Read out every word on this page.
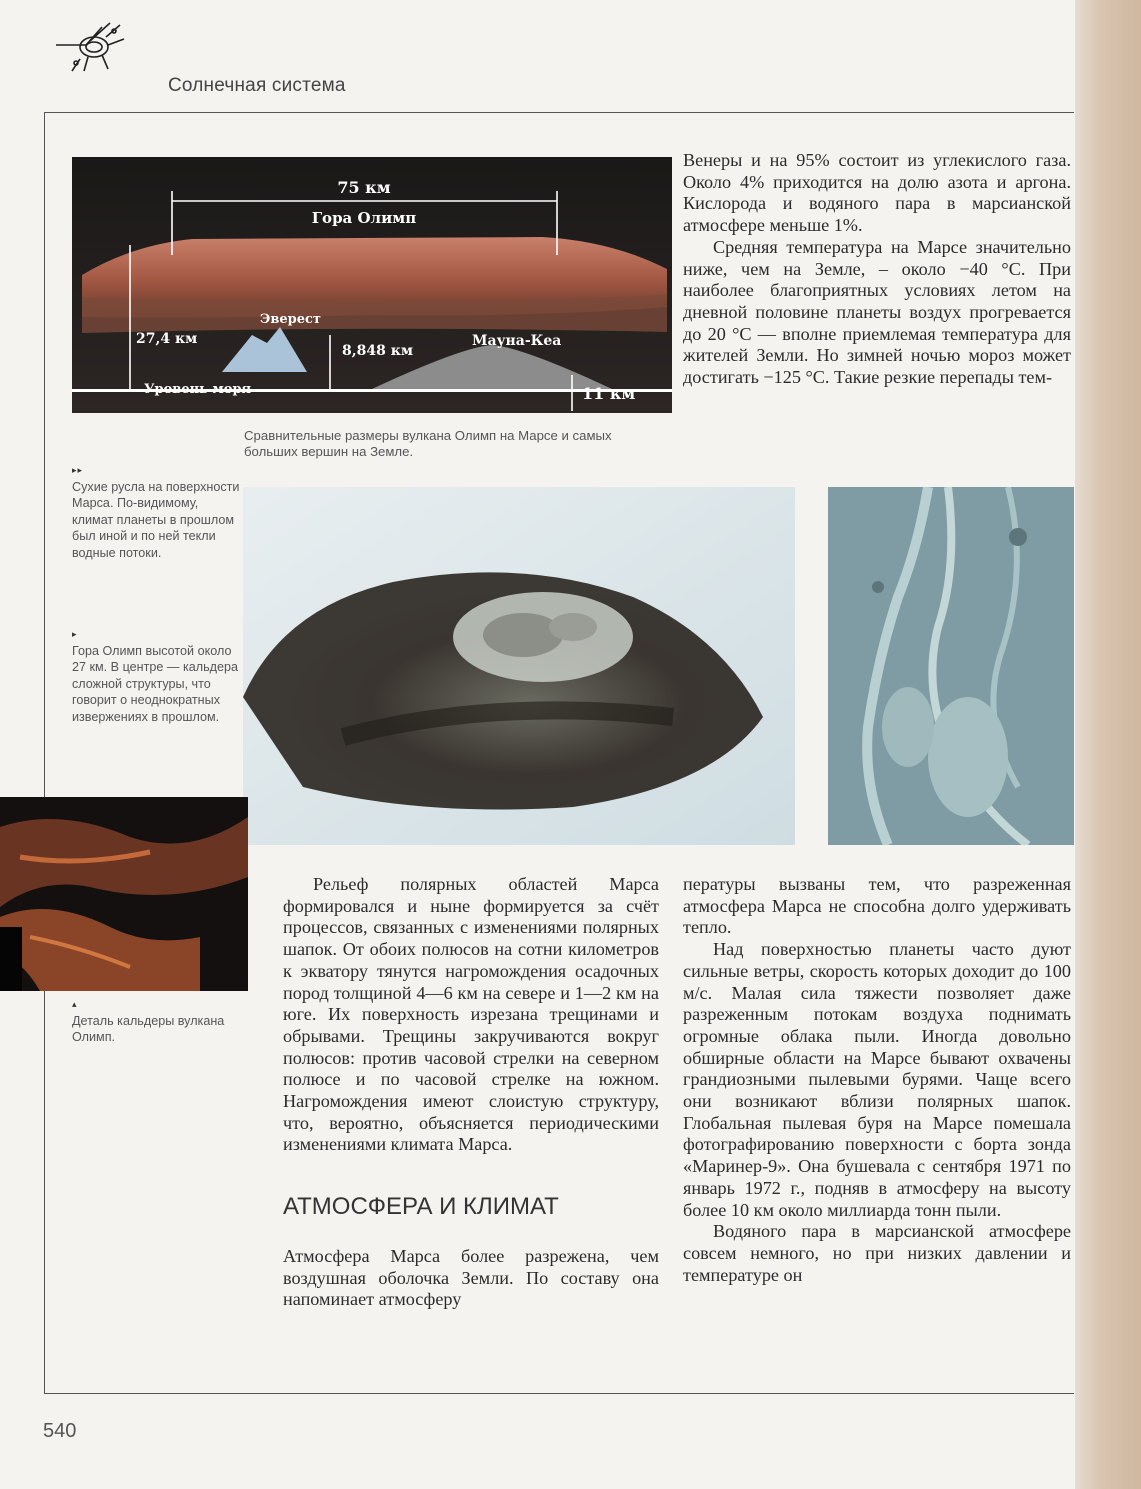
Солнечная система
75 км
Гора Олимп
27,4 км
Эверест
8,848 км
Мауна-Кеа
Уровень моря	11 км
Сравнительные размеры вулкана Олимп на Марсе и самых больших вершин на Земле.
▸▸
Сухие русла на поверхности Марса. По-видимому, климат планеты в прошлом был иной и по ней текли водные потоки.
▸
Гора Олимп высотой около 27 км. В центре — кальдера сложной структуры, что говорит о неоднократных извержениях в прошлом.
▴
Деталь кальдеры вулкана Олимп.

Венеры и на 95% состоит из углекислого газа. Около 4% приходится на долю азота и аргона. Кислорода и водяного пара в марсианской атмосфере меньше 1%.

Средняя температура на Марсе значительно ниже, чем на Земле, – около −40 °С. При наиболее благоприятных условиях летом на дневной половине планеты воздух прогревается до 20 °С — вполне приемлемая температура для жителей Земли. Но зимней ночью мороз может достигать −125 °С. Такие резкие перепады тем-

Рельеф полярных областей Марса формировался и ныне формируется за счёт процессов, связанных с изменениями полярных шапок. От обоих полюсов на сотни километров к экватору тянутся нагромождения осадочных пород толщиной 4—6 км на севере и 1—2 км на юге. Их поверхность изрезана трещинами и обрывами. Трещины закручиваются вокруг полюсов: против часовой стрелки на северном полюсе и по часовой стрелке на южном. Нагромождения имеют слоистую структуру, что, вероятно, объясняется периодическими изменениями климата Марса.

АТМОСФЕРА И КЛИМАТ

Атмосфера Марса более разрежена, чем воздушная оболочка Земли. По составу она напоминает атмосферу

пературы вызваны тем, что разреженная атмосфера Марса не способна долго удерживать тепло.

Над поверхностью планеты часто дуют сильные ветры, скорость которых доходит до 100 м/с. Малая сила тяжести позволяет даже разреженным потокам воздуха поднимать огромные облака пыли. Иногда довольно обширные области на Марсе бывают охвачены грандиозными пылевыми бурями. Чаще всего они возникают вблизи полярных шапок. Глобальная пылевая буря на Марсе помешала фотографированию поверхности с борта зонда «Маринер-9». Она бушевала с сентября 1971 по январь 1972 г., подняв в атмосферу на высоту более 10 км около миллиарда тонн пыли.

Водяного пара в марсианской атмосфере совсем немного, но при низких давлении и температуре он

540
